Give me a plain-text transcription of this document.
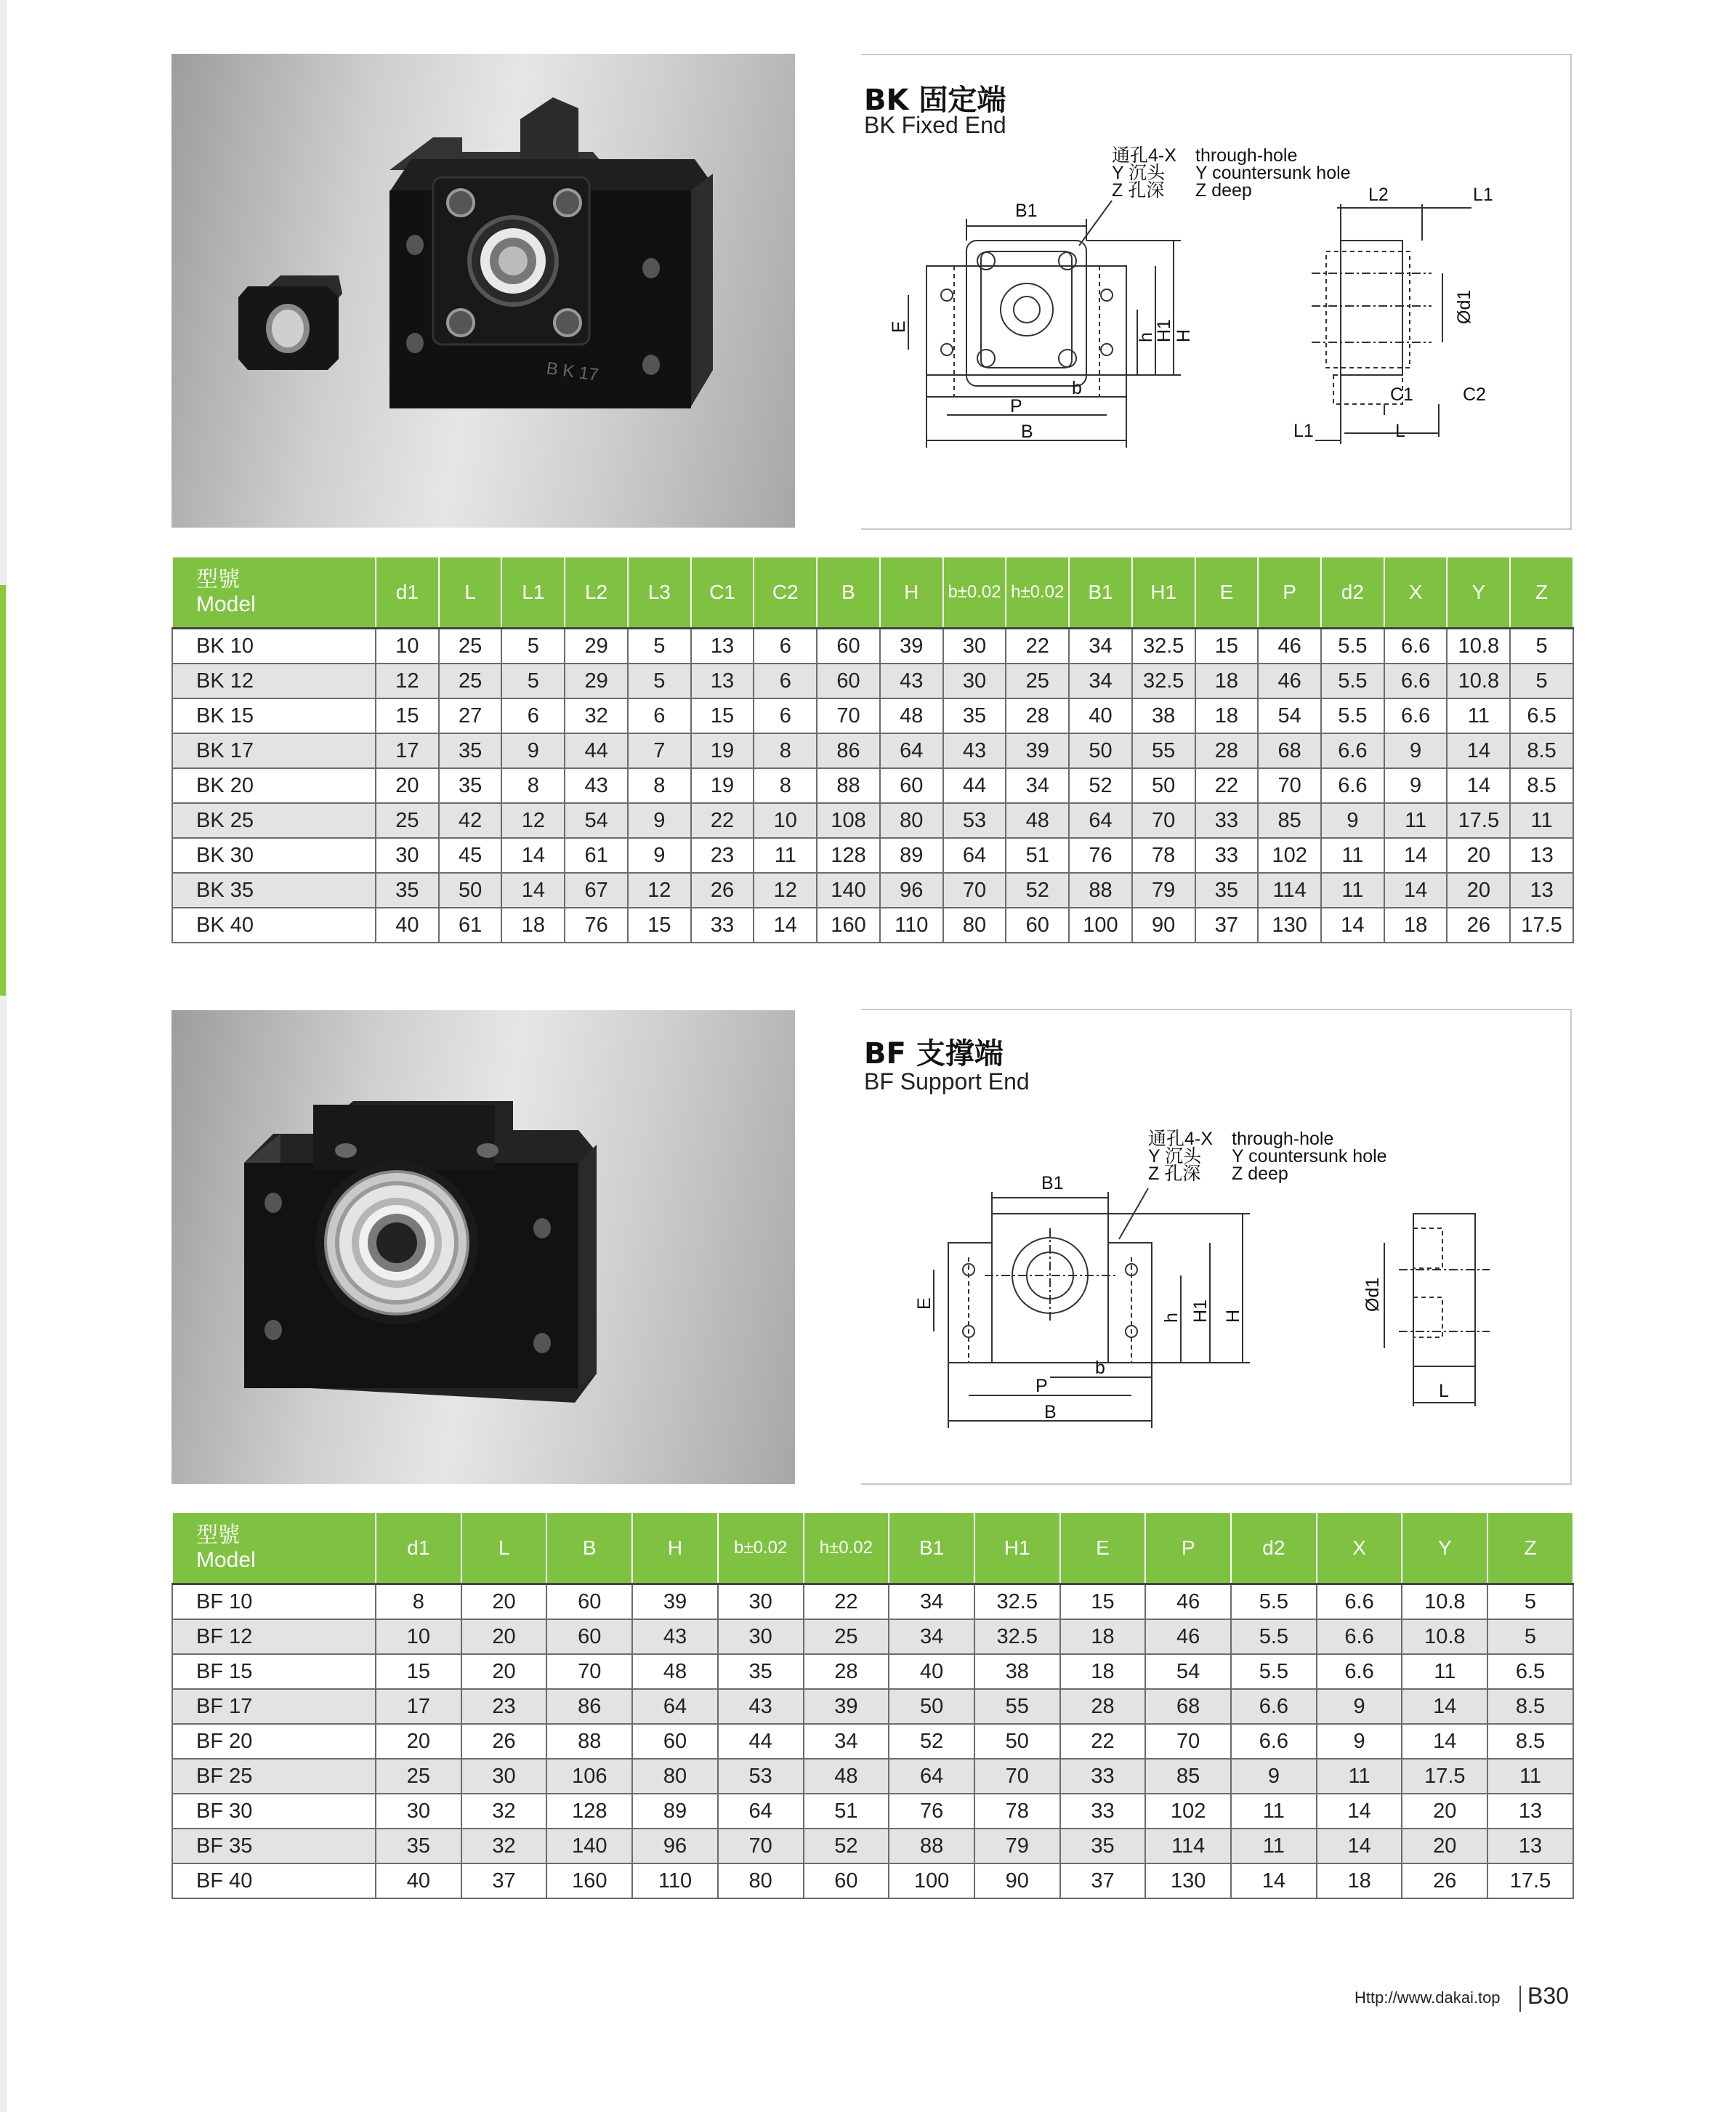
B K 17
BK 固定端
BK Fixed End
通孔4-X through-hole
Y 沉头 Y countersunk hole
Z 孔深 Z deep
B1
E
h
H1 H
b
P
B
L2	L1
Ød1
C1	C2
L1	L
型號
Model	d1	L	L1	L2	L3	C1	C2	B	H	b±0.02	h±0.02	B1	H1	E	P	d2	X	Y	Z
BK 10	10	25	5	29	5	13	6	60	39	30	22	34	32.5	15	46	5.5	6.6	10.8	5
BK 12	12	25	5	29	5	13	6	60	43	30	25	34	32.5	18	46	5.5	6.6	10.8	5
BK 15	15	27	6	32	6	15	6	70	48	35	28	40	38	18	54	5.5	6.6	11	6.5
BK 17	17	35	9	44	7	19	8	86	64	43	39	50	55	28	68	6.6	9	14	8.5
BK 20	20	35	8	43	8	19	8	88	60	44	34	52	50	22	70	6.6	9	14	8.5
BK 25	25	42	12	54	9	22	10	108	80	53	48	64	70	33	85	9	11	17.5	11
BK 30	30	45	14	61	9	23	11	128	89	64	51	76	78	33	102	11	14	20	13
BK 35	35	50	14	67	12	26	12	140	96	70	52	88	79	35	114	11	14	20	13
BK 40	40	61	18	76	15	33	14	160	110	80	60	100	90	37	130	14	18	26	17.5
BF 支撑端
BF Support End
通孔4-X through-hole
Y 沉头 Y countersunk hole
Z 孔深 Z deep
B1
E
h H1 H
b
P
B
Ød1
L
型號
Model	d1	L	B	H	b±0.02	h±0.02	B1	H1	E	P	d2	X	Y	Z
BF 10	8	20	60	39	30	22	34	32.5	15	46	5.5	6.6	10.8	5
BF 12	10	20	60	43	30	25	34	32.5	18	46	5.5	6.6	10.8	5
BF 15	15	20	70	48	35	28	40	38	18	54	5.5	6.6	11	6.5
BF 17	17	23	86	64	43	39	50	55	28	68	6.6	9	14	8.5
BF 20	20	26	88	60	44	34	52	50	22	70	6.6	9	14	8.5
BF 25	25	30	106	80	53	48	64	70	33	85	9	11	17.5	11
BF 30	30	32	128	89	64	51	76	78	33	102	11	14	20	13
BF 35	35	32	140	96	70	52	88	79	35	114	11	14	20	13
BF 40	40	37	160	110	80	60	100	90	37	130	14	18	26	17.5
Http://www.dakai.top B30
